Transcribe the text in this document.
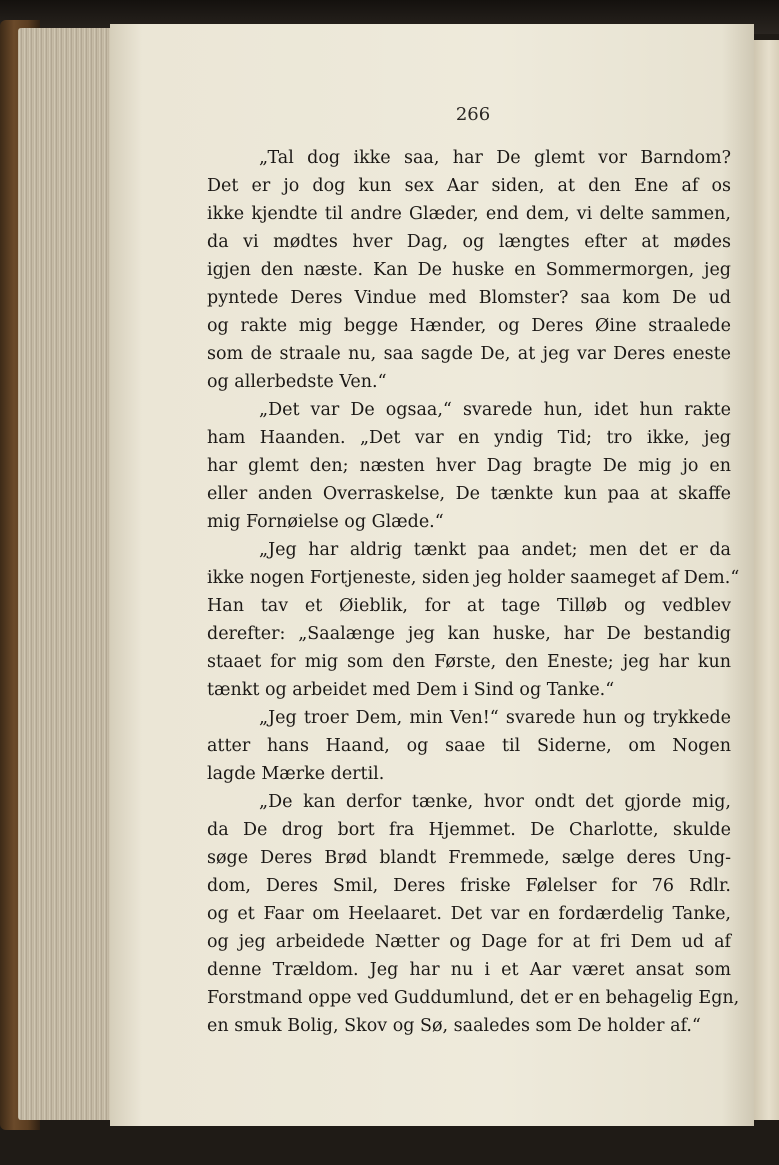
266
„Tal dog ikke saa, har De glemt vor Barndom?
Det er jo dog kun sex Aar siden, at den Ene af os
ikke kjendte til andre Glæder, end dem, vi delte sammen,
da vi mødtes hver Dag, og længtes efter at mødes
igjen den næste. Kan De huske en Sommermorgen, jeg
pyntede Deres Vindue med Blomster? saa kom De ud
og rakte mig begge Hænder, og Deres Øine straalede
som de straale nu, saa sagde De, at jeg var Deres eneste
og allerbedste Ven.“
„Det var De ogsaa,“ svarede hun, idet hun rakte
ham Haanden. „Det var en yndig Tid; tro ikke, jeg
har glemt den; næsten hver Dag bragte De mig jo en
eller anden Overraskelse, De tænkte kun paa at skaffe
mig Fornøielse og Glæde.“
„Jeg har aldrig tænkt paa andet; men det er da
ikke nogen Fortjeneste, siden jeg holder saameget af Dem.“
Han tav et Øieblik, for at tage Tilløb og vedblev
derefter: „Saalænge jeg kan huske, har De bestandig
staaet for mig som den Første, den Eneste; jeg har kun
tænkt og arbeidet med Dem i Sind og Tanke.“
„Jeg troer Dem, min Ven!“ svarede hun og trykkede
atter hans Haand, og saae til Siderne, om Nogen
lagde Mærke dertil.
„De kan derfor tænke, hvor ondt det gjorde mig,
da De drog bort fra Hjemmet. De Charlotte, skulde
søge Deres Brød blandt Fremmede, sælge deres Ung-
dom, Deres Smil, Deres friske Følelser for 76 Rdlr.
og et Faar om Heelaaret. Det var en fordærdelig Tanke,
og jeg arbeidede Nætter og Dage for at fri Dem ud af
denne Trældom. Jeg har nu i et Aar været ansat som
Forstmand oppe ved Guddumlund, det er en behagelig Egn,
en smuk Bolig, Skov og Sø, saaledes som De holder af.“
